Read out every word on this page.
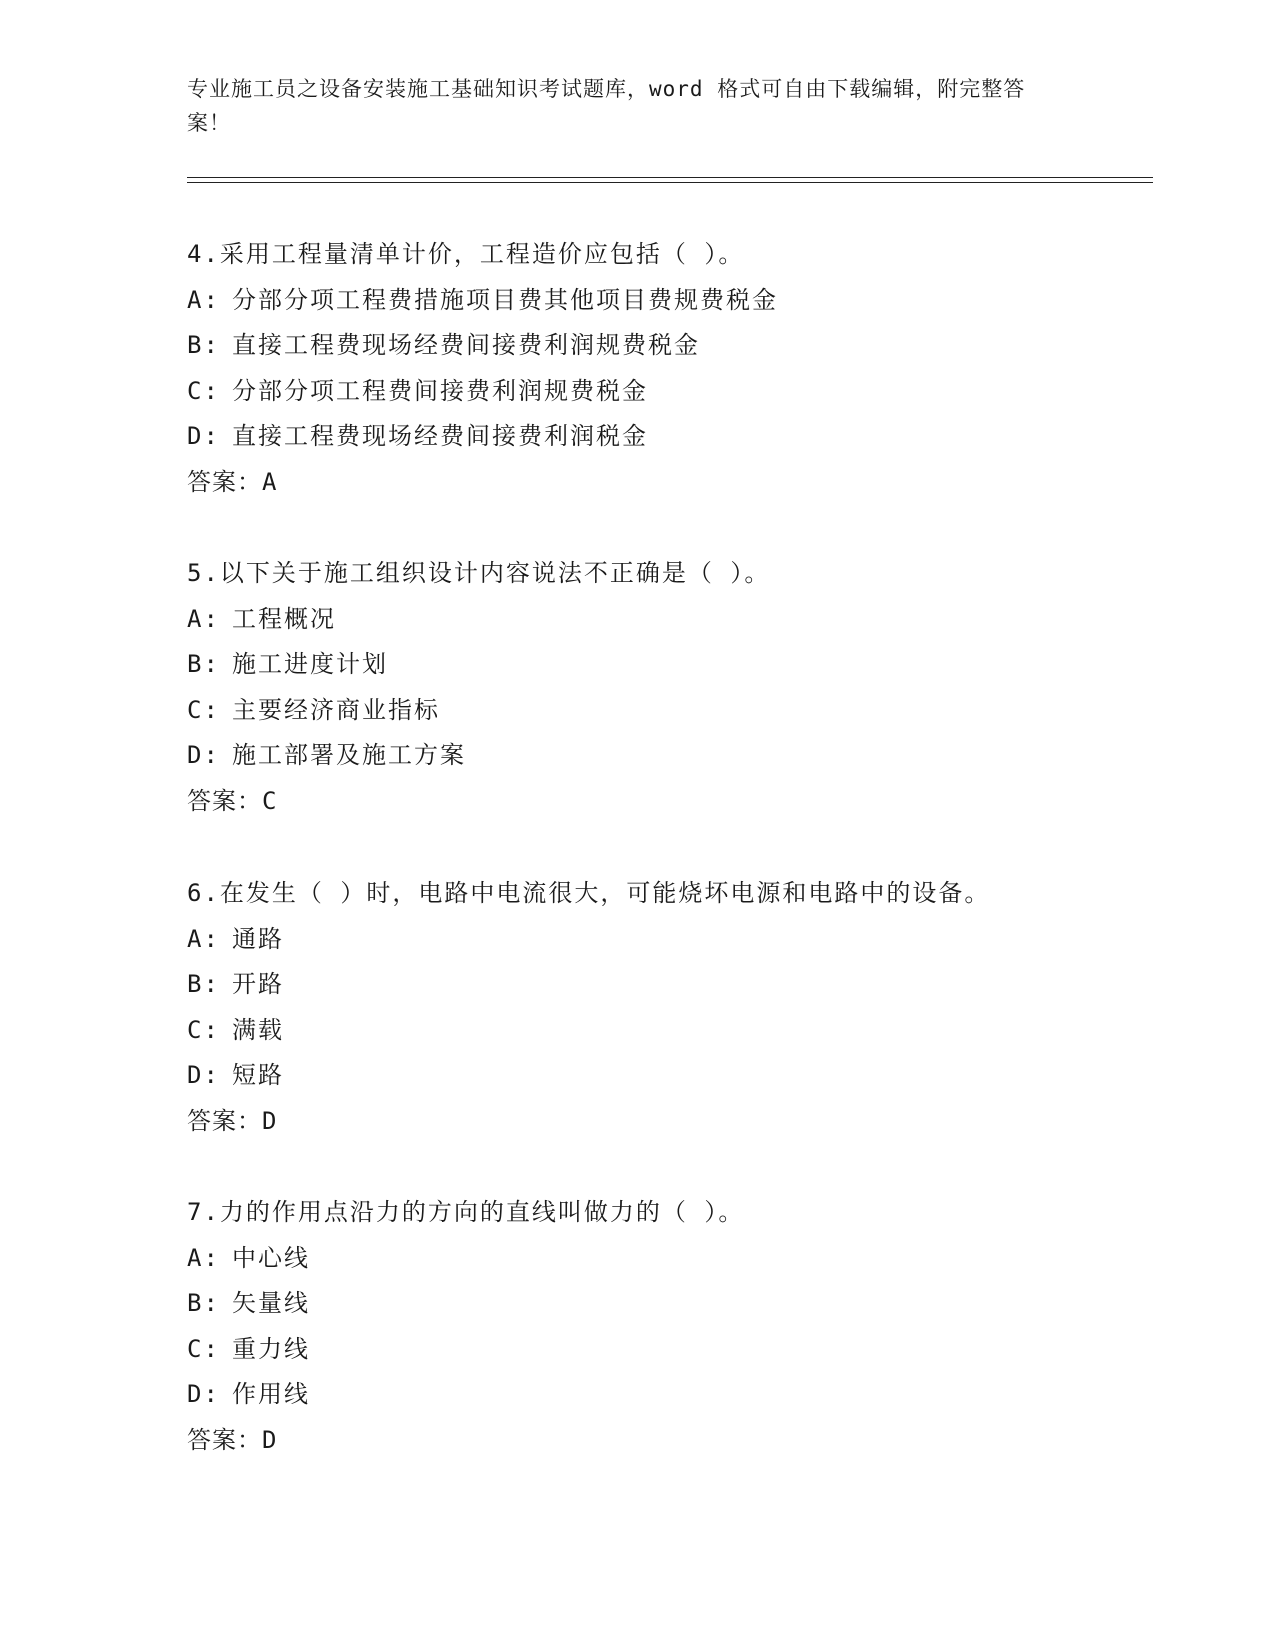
专业施工员之设备安装施工基础知识考试题库，word 格式可自由下载编辑，附完整答案！
4.采用工程量清单计价，工程造价应包括（ ）。
A: 分部分项工程费措施项目费其他项目费规费税金
B: 直接工程费现场经费间接费利润规费税金
C: 分部分项工程费间接费利润规费税金
D: 直接工程费现场经费间接费利润税金
答案：A
5.以下关于施工组织设计内容说法不正确是（ ）。
A: 工程概况
B: 施工进度计划
C: 主要经济商业指标
D: 施工部署及施工方案
答案：C
6.在发生（ ）时，电路中电流很大，可能烧坏电源和电路中的设备。
A: 通路
B: 开路
C: 满载
D: 短路
答案：D
7.力的作用点沿力的方向的直线叫做力的（ ）。
A: 中心线
B: 矢量线
C: 重力线
D: 作用线
答案：D
